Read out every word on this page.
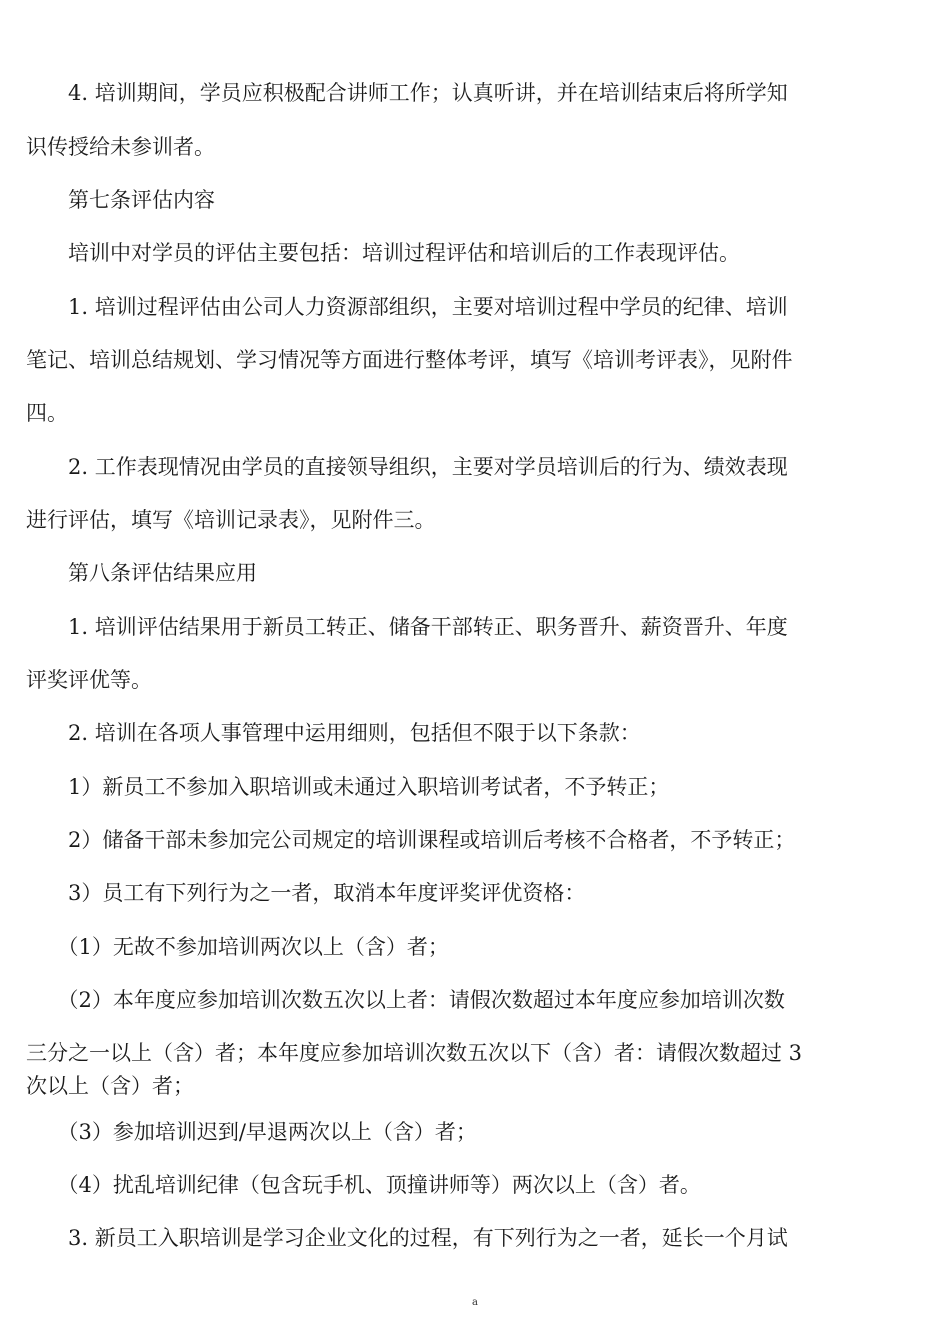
　　4. 培训期间，学员应积极配合讲师工作；认真听讲，并在培训结束后将所学知
识传授给未参训者。
　　第七条评估内容
　　培训中对学员的评估主要包括：培训过程评估和培训后的工作表现评估。
　　1. 培训过程评估由公司人力资源部组织，主要对培训过程中学员的纪律、培训
笔记、培训总结规划、学习情况等方面进行整体考评，填写《培训考评表》，见附件
四。
　　2. 工作表现情况由学员的直接领导组织，主要对学员培训后的行为、绩效表现
进行评估，填写《培训记录表》，见附件三。
　　第八条评估结果应用
　　1. 培训评估结果用于新员工转正、储备干部转正、职务晋升、薪资晋升、年度
评奖评优等。
　　2. 培训在各项人事管理中运用细则，包括但不限于以下条款：
　　1）新员工不参加入职培训或未通过入职培训考试者，不予转正；
　　2）储备干部未参加完公司规定的培训课程或培训后考核不合格者，不予转正；
　　3）员工有下列行为之一者，取消本年度评奖评优资格：
　　（1）无故不参加培训两次以上（含）者；
　　（2）本年度应参加培训次数五次以上者：请假次数超过本年度应参加培训次数
三分之一以上（含）者；本年度应参加培训次数五次以下（含）者：请假次数超过 3
次以上（含）者；
　　（3）参加培训迟到/早退两次以上（含）者；
　　（4）扰乱培训纪律（包含玩手机、顶撞讲师等）两次以上（含）者。
　　3. 新员工入职培训是学习企业文化的过程，有下列行为之一者，延长一个月试
a
